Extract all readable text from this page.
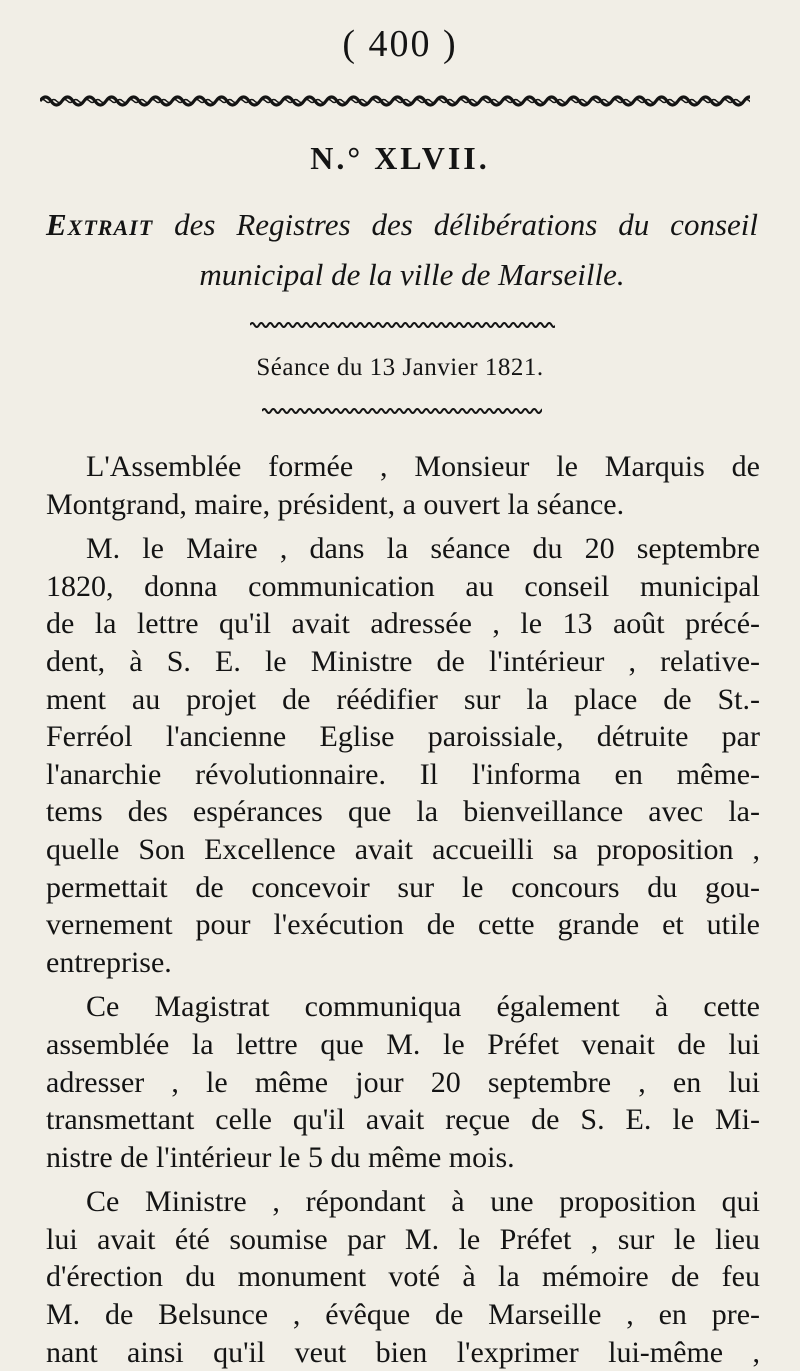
( 400 )
N.° XLVII.
Extrait des Registres des délibérations du conseil
municipal de la ville de Marseille.
Séance du 13 Janvier 1821.
L'Assemblée formée , Monsieur le Marquis de
Montgrand, maire, président, a ouvert la séance.
M. le Maire , dans la séance du 20 septembre
1820, donna communication au conseil municipal
de la lettre qu'il avait adressée , le 13 août précé-
dent, à S. E. le Ministre de l'intérieur , relative-
ment au projet de réédifier sur la place de St.-
Ferréol l'ancienne Eglise paroissiale, détruite par
l'anarchie révolutionnaire. Il l'informa en même-
tems des espérances que la bienveillance avec la-
quelle Son Excellence avait accueilli sa proposition ,
permettait de concevoir sur le concours du gou-
vernement pour l'exécution de cette grande et utile
entreprise.
Ce Magistrat communiqua également à cette
assemblée la lettre que M. le Préfet venait de lui
adresser , le même jour 20 septembre , en lui
transmettant celle qu'il avait reçue de S. E. le Mi-
nistre de l'intérieur le 5 du même mois.
Ce Ministre , répondant à une proposition qui
lui avait été soumise par M. le Préfet , sur le lieu
d'érection du monument voté à la mémoire de feu
M. de Belsunce , évêque de Marseille , en pre-
nant ainsi qu'il veut bien l'exprimer lui-même ,
